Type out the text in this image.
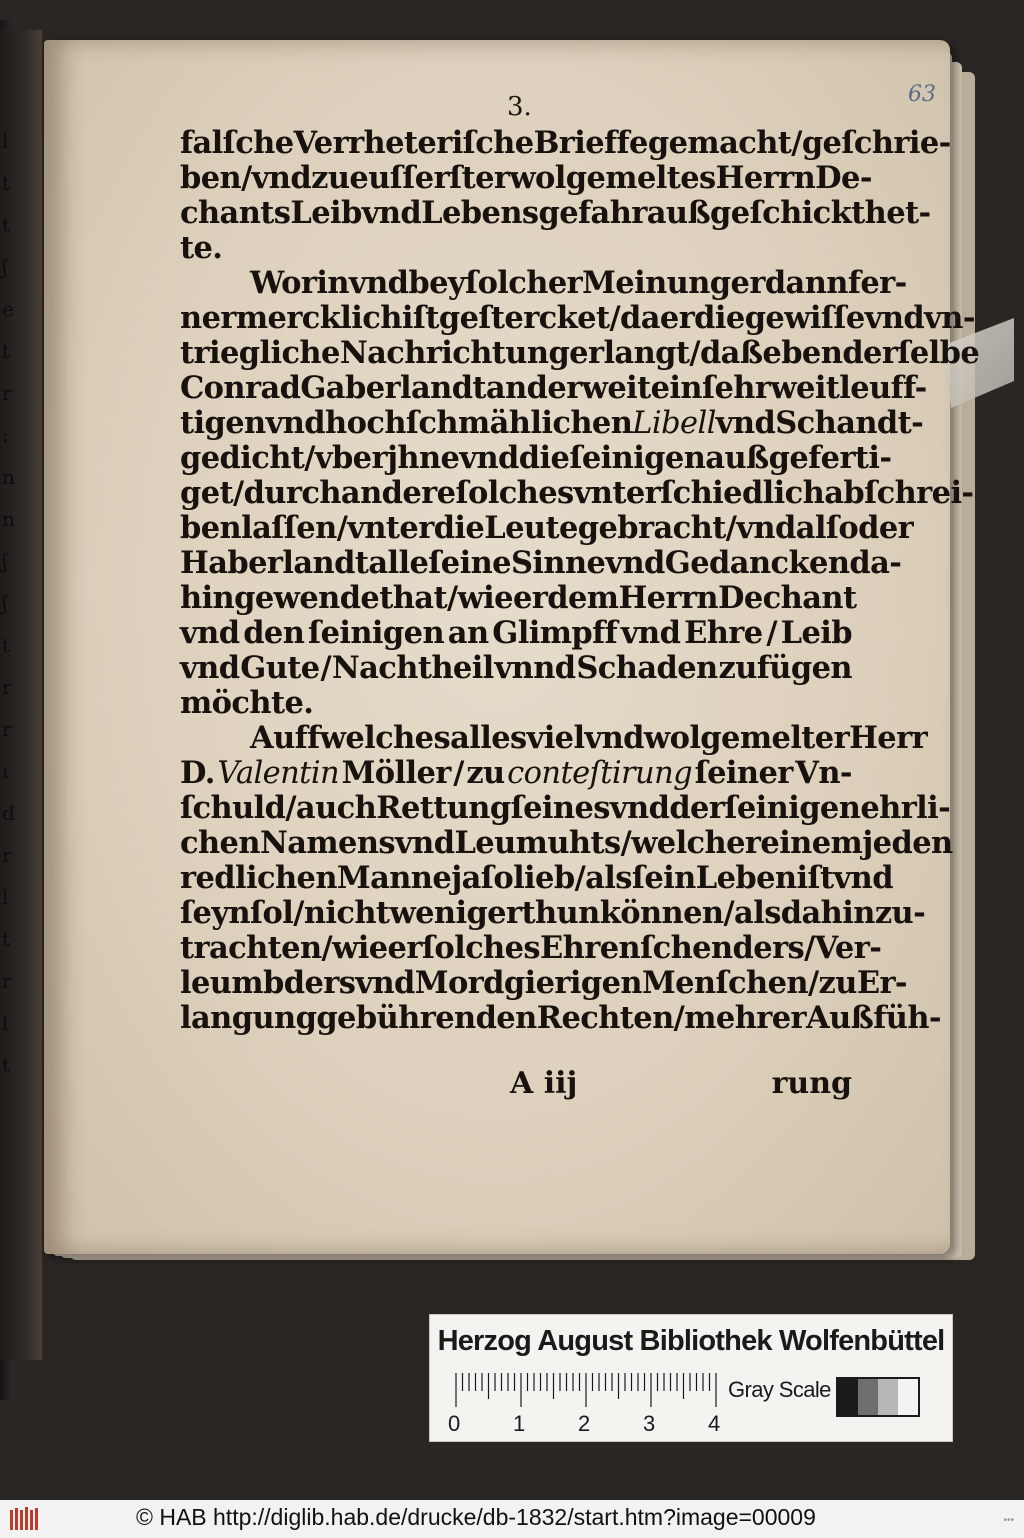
l
t
t
ʃ
e
t
r
:
n
n
ʃ
ʃ
t
r
r
ı
d
r
l
t
r
l
t
63
3.
falſche Verrheteriſche Brieffe gemacht/ geſchrie-
ben / vnd zu euſſerſter wolgemeltes Herrn De-
chants Leib vnd Lebensgefahr außgeſchickt het-
te.
Worin vnd bey ſolcher Meinung er dann fer-
ner mercklich iſt geſtercket/ da er die gewiſſe vnd vn-
triegliche Nachrichtung erlangt/ daß eben derſelbe
Conrad Gaberlandt anderweit ein ſehr weitleuff-
tigen vnd hochſchmählichen Libell vnd Schandt-
gedicht / vber jhne vnd die ſeinigen außgeferti-
get / durch andere ſolches vnterſchiedlich abſchrei-
ben laſſen / vnter die Leute gebracht / vnd alſo der
Haberlandt alle ſeine Sinne vnd Gedancken da-
hin gewendet hat / wie er dem Herrn Dechant
vnd den ſeinigen an Glimpff vnd Ehre / Leib
vnd Gute / Nachtheil vnnd Schaden zufügen
möchte.
Auff welches alles viel vnd wolgemelter Herr
D. Valentin Möller / zu conteſtirung ſeiner Vn-
ſchuld/ auch Rettung ſeines vnd der ſeinigen ehrli-
chen Namens vnd Leumuhts / welcher einem jeden
redlichen Manne ja ſo lieb / als ſein Leben iſt vnd
ſeyn ſol/ nicht weniger thun können / als dahin zu-
trachten / wie er ſolches Ehrenſchenders / Ver-
leumbders vnd Mordgierigen Menſchen / zu Er-
langung gebührenden Rechten / mehrer Außfüh-
A iij	rung
Herzog August Bibliothek Wolfenbüttel
0 1 2 3 4
Gray Scale
© HAB http://diglib.hab.de/drucke/db-1832/start.htm?image=00009	•••
